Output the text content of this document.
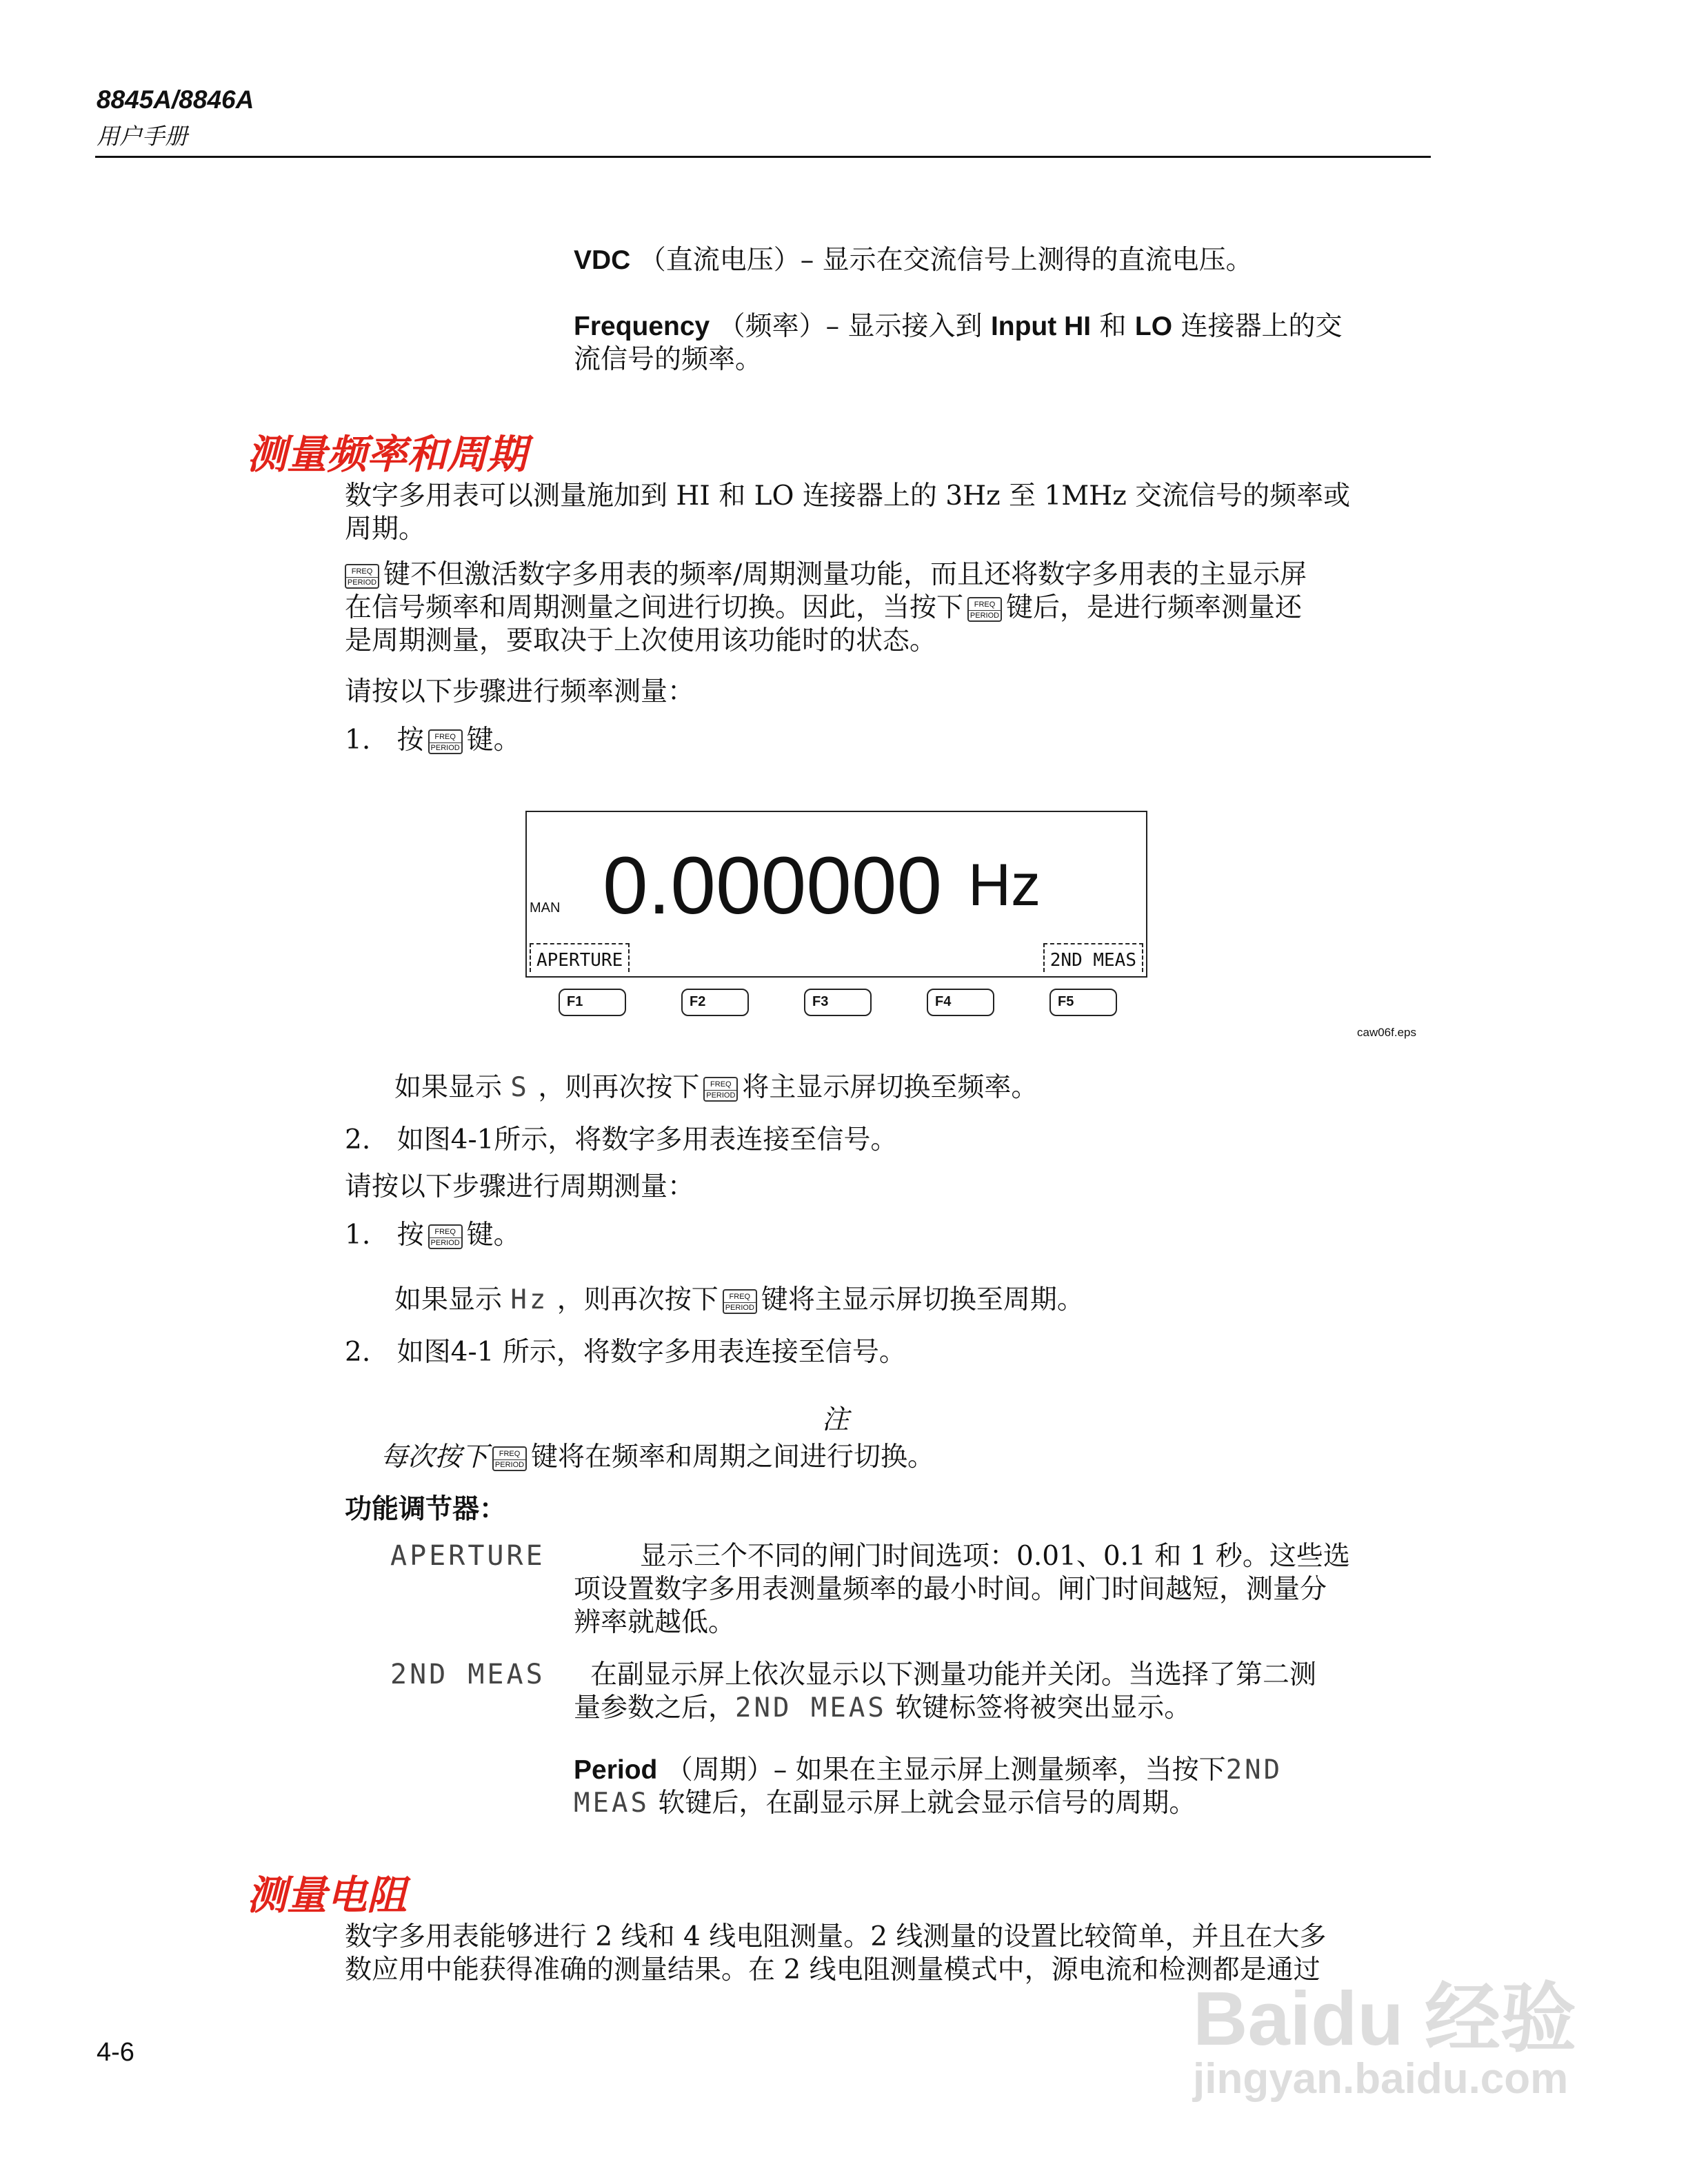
8845A/8846A
用户手册
VDC （直流电压）– 显示在交流信号上测得的直流电压。
Frequency （频率）– 显示接入到 Input HI 和 LO 连接器上的交
流信号的频率。
测量频率和周期
数字多用表可以测量施加到 HI 和 LO 连接器上的 3Hz 至 1MHz 交流信号的频率或
周期。
FREQ
PERIOD 键不但激活数字多用表的频率/周期测量功能，而且还将数字多用表的主显示屏
在信号频率和周期测量之间进行切换。因此，当按下	FREQ
PERIOD 键后，是进行频率测量还
是周期测量，要取决于上次使用该功能时的状态。
请按以下步骤进行频率测量：
1. 按	FREQ
PERIOD 键。
MAN 0.000000 Hz
APERTURE	2ND MEAS
F1	F2	F3	F4	F5
caw06f.eps
如果显示 S ，则再次按下	FREQ
PERIOD 将主显示屏切换至频率。
2. 如图4-1所示，将数字多用表连接至信号。
请按以下步骤进行周期测量：
1. 按	FREQ
PERIOD 键。
如果显示 Hz ，则再次按下	FREQ
PERIOD 键将主显示屏切换至周期。
2. 如图4-1 所示，将数字多用表连接至信号。
注
每次按下	FREQ
PERIOD 键将在频率和周期之间进行切换。
功能调节器：
APERTURE	显示三个不同的闸门时间选项：0.01、0.1 和 1 秒。这些选
项设置数字多用表测量频率的最小时间。闸门时间越短，测量分
辨率就越低。
2ND MEAS	在副显示屏上依次显示以下测量功能并关闭。当选择了第二测
量参数之后，2ND MEAS 软键标签将被突出显示。
Period （周期）– 如果在主显示屏上测量频率，当按下2ND
MEAS 软键后，在副显示屏上就会显示信号的周期。
测量电阻
数字多用表能够进行 2 线和 4 线电阻测量。2 线测量的设置比较简单，并且在大多
数应用中能获得准确的测量结果。在 2 线电阻测量模式中，源电流和检测都是通过
Baidu 经验
jingyan.baidu.com
4-6
